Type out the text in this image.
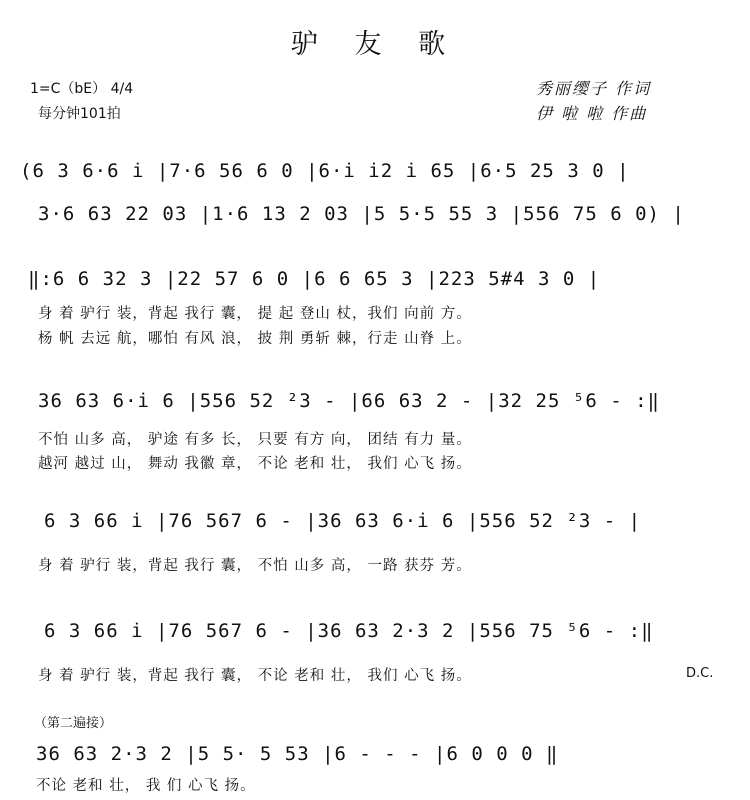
驴 友 歌
1=C（bE） 4/4
每分钟101拍
秀丽缨子 作词
伊 啦 啦 作曲
(6 3 6·6 i̇ |7·6 56 6 0 |6·i̇ i̇2 i̇ 65 |6·5 25 3 0 |
3·6 63 22 03 |1·6 13 2 03 |5 5·5 55 3 |556 75 6 0) |
‖:6 6 32 3 |22 57 6 0 |6 6 65 3 |223 5#4 3 0 |
身 着 驴行 装，背起 我行 囊， 提 起 登山 杖，我们 向前 方。
杨 帆 去远 航，哪怕 有风 浪， 披 荆 勇斩 棘，行走 山脊 上。
36 63 6·i̇ 6 |556 52 ²3 - |66 63 2 - |32 25 ⁵6 - :‖
不怕 山多 高， 驴途 有多 长， 只要 有方 向， 团结 有力 量。
越河 越过 山， 舞动 我徽 章， 不论 老和 壮， 我们 心飞 扬。
6 3 66 i̇ |76 567 6 - |36 63 6·i̇ 6 |556 52 ²3 - |
身 着 驴行 装，背起 我行 囊， 不怕 山多 高， 一路 获芬 芳。
6 3 66 i̇ |76 567 6 - |36 63 2·3 2 |556 75 ⁵6 - :‖
身 着 驴行 装，背起 我行 囊， 不论 老和 壮， 我们 心飞 扬。	D.C.
（第二遍接）
36 63 2·3 2 |5 5· 5 53 |6 - - - |6 0 0 0 ‖
不论 老和 壮， 我 们 心飞 扬。
